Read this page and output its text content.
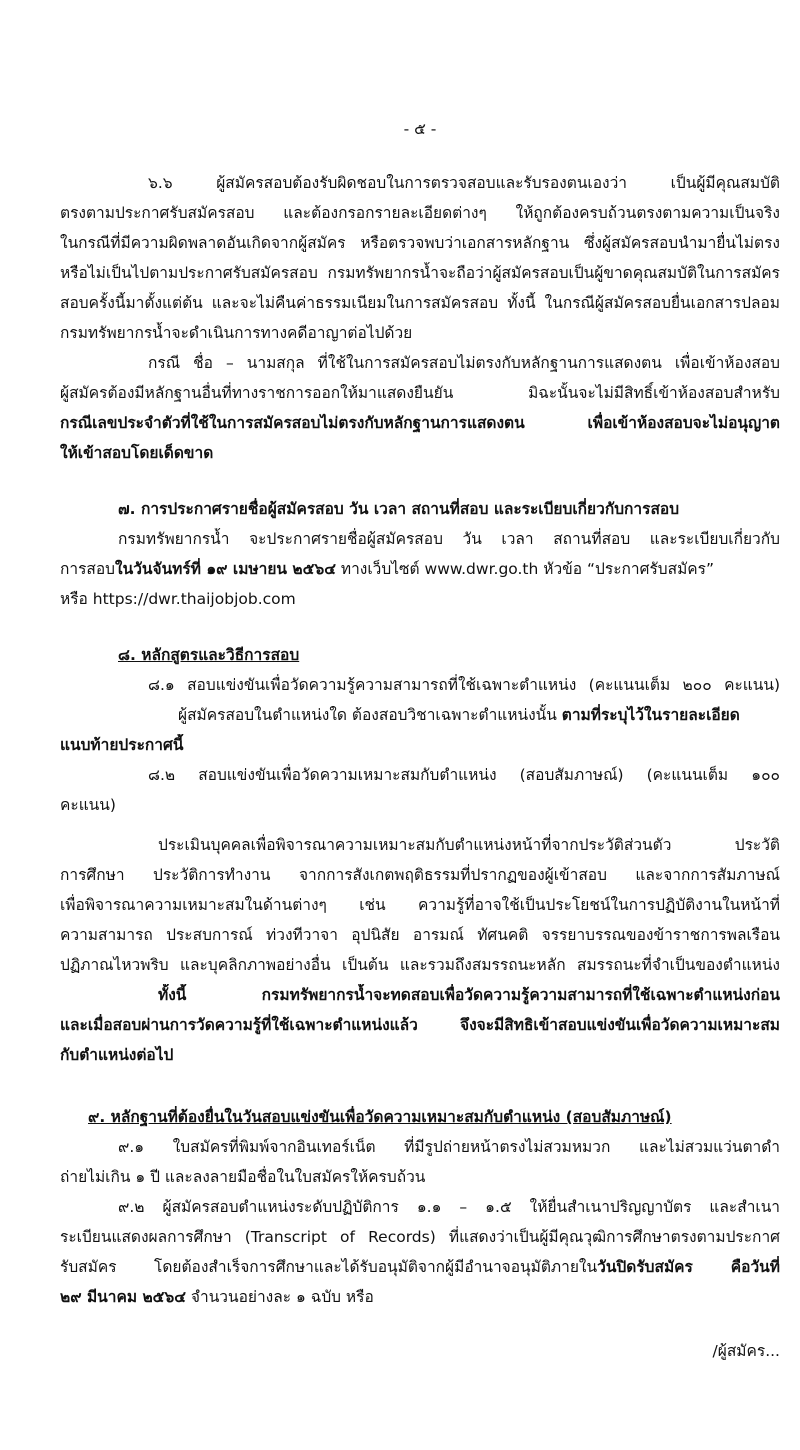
- ๕ -
๖.๖ ผู้สมัครสอบต้องรับผิดชอบในการตรวจสอบและรับรองตนเองว่า เป็นผู้มีคุณสมบัติ
ตรงตามประกาศรับสมัครสอบ และต้องกรอกรายละเอียดต่างๆ ให้ถูกต้องครบถ้วนตรงตามความเป็นจริง
ในกรณีที่มีความผิดพลาดอันเกิดจากผู้สมัคร หรือตรวจพบว่าเอกสารหลักฐาน ซึ่งผู้สมัครสอบนำมายื่นไม่ตรง
หรือไม่เป็นไปตามประกาศรับสมัครสอบ กรมทรัพยากรน้ำจะถือว่าผู้สมัครสอบเป็นผู้ขาดคุณสมบัติในการสมัคร
สอบครั้งนี้มาตั้งแต่ต้น และจะไม่คืนค่าธรรมเนียมในการสมัครสอบ ทั้งนี้ ในกรณีผู้สมัครสอบยื่นเอกสารปลอม
กรมทรัพยากรน้ำจะดำเนินการทางคดีอาญาต่อไปด้วย
กรณี ชื่อ – นามสกุล ที่ใช้ในการสมัครสอบไม่ตรงกับหลักฐานการแสดงตน เพื่อเข้าห้องสอบ
ผู้สมัครต้องมีหลักฐานอื่นที่ทางราชการออกให้มาแสดงยืนยัน มิฉะนั้นจะไม่มีสิทธิ์เข้าห้องสอบสำหรับ
กรณีเลขประจำตัวที่ใช้ในการสมัครสอบไม่ตรงกับหลักฐานการแสดงตน เพื่อเข้าห้องสอบจะไม่อนุญาต
ให้เข้าสอบโดยเด็ดขาด
๗. การประกาศรายชื่อผู้สมัครสอบ วัน เวลา สถานที่สอบ และระเบียบเกี่ยวกับการสอบ
กรมทรัพยากรน้ำ จะประกาศรายชื่อผู้สมัครสอบ วัน เวลา สถานที่สอบ และระเบียบเกี่ยวกับ
การสอบในวันจันทร์ที่ ๑๙ เมษายน ๒๕๖๔ ทางเว็บไซต์ www.dwr.go.th หัวข้อ “ประกาศรับสมัคร”
หรือ https://dwr.thaijobjob.com
๘. หลักสูตรและวิธีการสอบ
๘.๑ สอบแข่งขันเพื่อวัดความรู้ความสามารถที่ใช้เฉพาะตำแหน่ง (คะแนนเต็ม ๒๐๐ คะแนน)
ผู้สมัครสอบในตำแหน่งใด ต้องสอบวิชาเฉพาะตำแหน่งนั้น ตามที่ระบุไว้ในรายละเอียด
แนบท้ายประกาศนี้
๘.๒ สอบแข่งขันเพื่อวัดความเหมาะสมกับตำแหน่ง (สอบสัมภาษณ์) (คะแนนเต็ม ๑๐๐
คะแนน)
ประเมินบุคคลเพื่อพิจารณาความเหมาะสมกับตำแหน่งหน้าที่จากประวัติส่วนตัว ประวัติ
การศึกษา ประวัติการทำงาน จากการสังเกตพฤติธรรมที่ปรากฏของผู้เข้าสอบ และจากการสัมภาษณ์
เพื่อพิจารณาความเหมาะสมในด้านต่างๆ เช่น ความรู้ที่อาจใช้เป็นประโยชน์ในการปฏิบัติงานในหน้าที่
ความสามารถ ประสบการณ์ ท่วงทีวาจา อุปนิสัย อารมณ์ ทัศนคติ จรรยาบรรณของข้าราชการพลเรือน
ปฏิภาณไหวพริบ และบุคลิกภาพอย่างอื่น เป็นต้น และรวมถึงสมรรถนะหลัก สมรรถนะที่จำเป็นของตำแหน่ง
ทั้งนี้ กรมทรัพยากรน้ำจะทดสอบเพื่อวัดความรู้ความสามารถที่ใช้เฉพาะตำแหน่งก่อน
และเมื่อสอบผ่านการวัดความรู้ที่ใช้เฉพาะตำแหน่งแล้ว จึงจะมีสิทธิเข้าสอบแข่งขันเพื่อวัดความเหมาะสม
กับตำแหน่งต่อไป
๙. หลักฐานที่ต้องยื่นในวันสอบแข่งขันเพื่อวัดความเหมาะสมกับตำแหน่ง (สอบสัมภาษณ์)
๙.๑ ใบสมัครที่พิมพ์จากอินเทอร์เน็ต ที่มีรูปถ่ายหน้าตรงไม่สวมหมวก และไม่สวมแว่นตาดำ
ถ่ายไม่เกิน ๑ ปี และลงลายมือชื่อในใบสมัครให้ครบถ้วน
๙.๒ ผู้สมัครสอบตำแหน่งระดับปฏิบัติการ ๑.๑ – ๑.๕ ให้ยื่นสำเนาปริญญาบัตร และสำเนา
ระเบียนแสดงผลการศึกษา (Transcript of Records) ที่แสดงว่าเป็นผู้มีคุณวุฒิการศึกษาตรงตามประกาศ
รับสมัคร โดยต้องสำเร็จการศึกษาและได้รับอนุมัติจากผู้มีอำนาจอนุมัติภายในวันปิดรับสมัคร คือวันที่
๒๙ มีนาคม ๒๕๖๔ จำนวนอย่างละ ๑ ฉบับ หรือ
/ผู้สมัคร...
